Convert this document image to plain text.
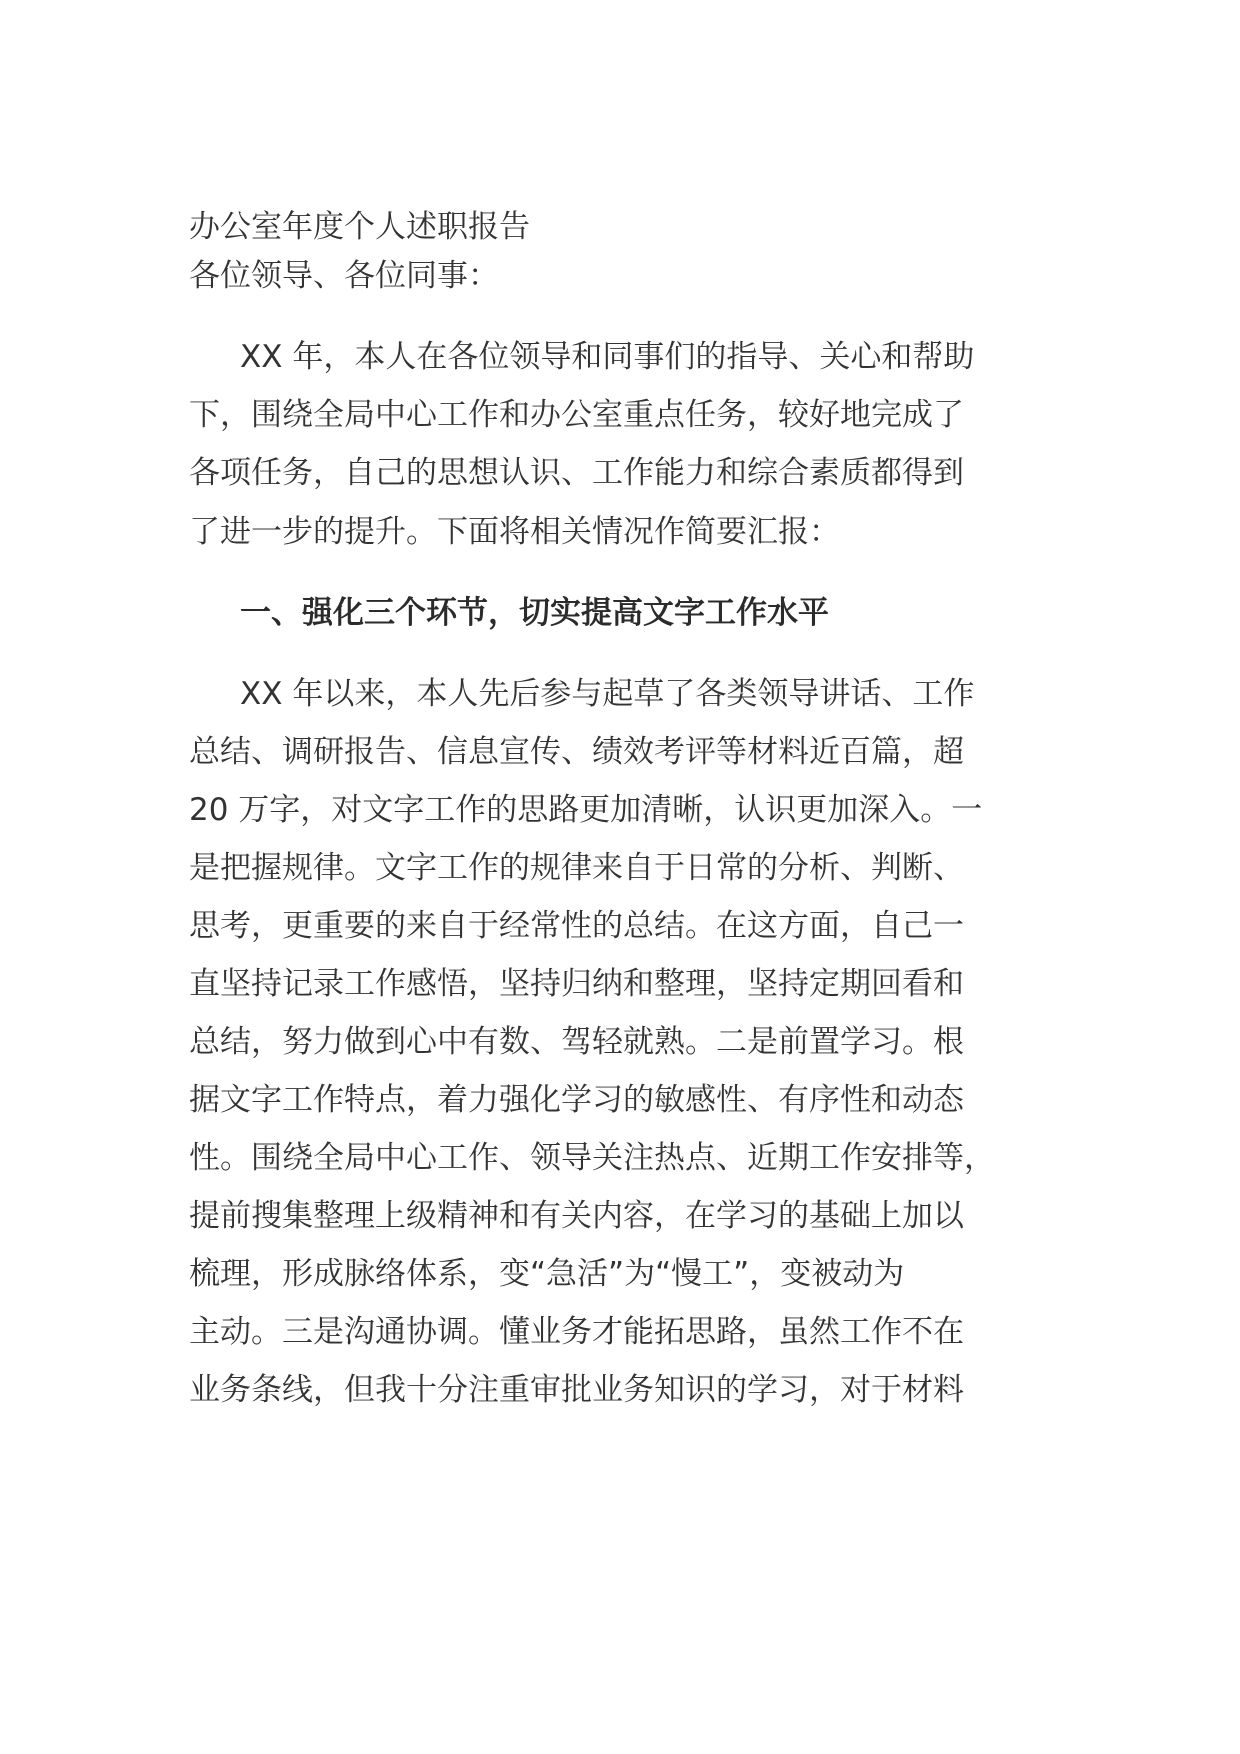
办公室年度个人述职报告

各位领导、各位同事：

XX 年，本人在各位领导和同事们的指导、关心和帮助

下，围绕全局中心工作和办公室重点任务，较好地完成了

各项任务，自己的思想认识、工作能力和综合素质都得到

了进一步的提升。下面将相关情况作简要汇报：

一、强化三个环节，切实提高文字工作水平

XX 年以来，本人先后参与起草了各类领导讲话、工作

总结、调研报告、信息宣传、绩效考评等材料近百篇，超

20 万字，对文字工作的思路更加清晰，认识更加深入。一

是把握规律。文字工作的规律来自于日常的分析、判断、

思考，更重要的来自于经常性的总结。在这方面，自己一

直坚持记录工作感悟，坚持归纳和整理，坚持定期回看和

总结，努力做到心中有数、驾轻就熟。二是前置学习。根

据文字工作特点，着力强化学习的敏感性、有序性和动态

性。围绕全局中心工作、领导关注热点、近期工作安排等，

提前搜集整理上级精神和有关内容，在学习的基础上加以

梳理，形成脉络体系，变“急活”为“慢工”，变被动为

主动。三是沟通协调。懂业务才能拓思路，虽然工作不在

业务条线，但我十分注重审批业务知识的学习，对于材料
